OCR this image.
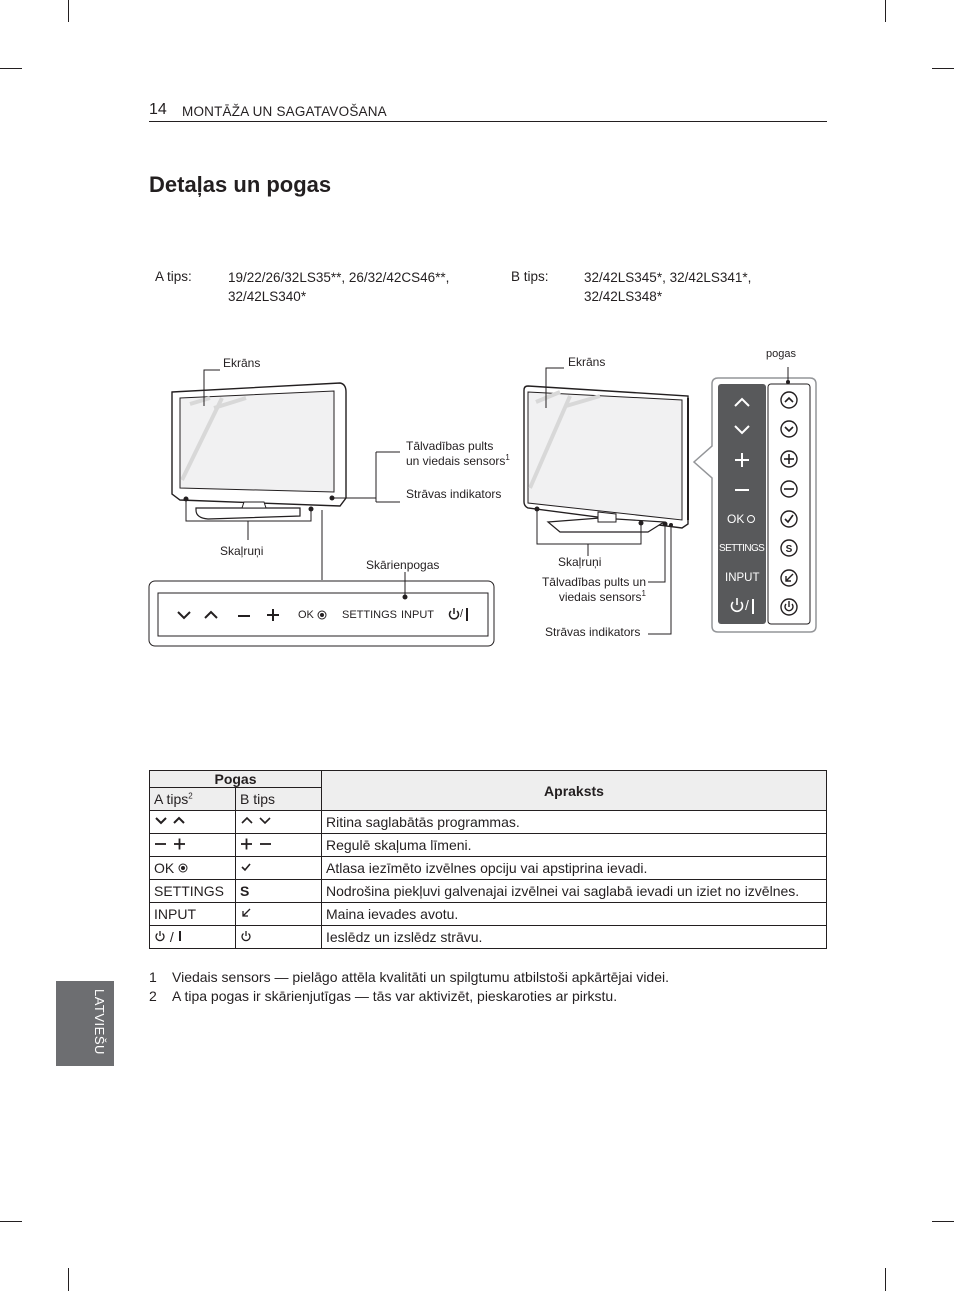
14 MONTĀŽA UN SAGATAVOŠANA
Detaļas un pogas
A tips:	19/22/26/32LS35**, 26/32/42CS46**,
32/42LS340*
B tips:	32/42LS345*, 32/42LS341*,
32/42LS348*
Ekrāns
Tālvadības pults
un viedais sensors$^1$
Strāvas indikators
Skaļruņi
Skārienpogas
OK	SETTINGS INPUT /
S
Ekrāns
pogas
Skaļruņi
Tālvadības pults un
viedais sensors$^1$
Strāvas indikators
OK
SETTINGS
INPUT
/
Pogas		Apraksts
A tips$^2$	B tips	
		Ritina saglabātās programmas.
		Regulē skaļuma līmeni.
OK		Atlasa iezīmēto izvēlnes opciju vai apstiprina ievadi.
SETTINGS	S	Nodrošina piekļuvi galvenajai izvēlnei vai saglabā ievadi un iziet no izvēlnes.
INPUT		Maina ievades avotu.
/		Ieslēdz un izslēdz strāvu.
1 Viedais sensors — pielāgo attēla kvalitāti un spilgtumu atbilstoši apkārtējai videi.
2 A tipa pogas ir skārienjutīgas — tās var aktivizēt, pieskaroties ar pirkstu.
LATVIEŠU
